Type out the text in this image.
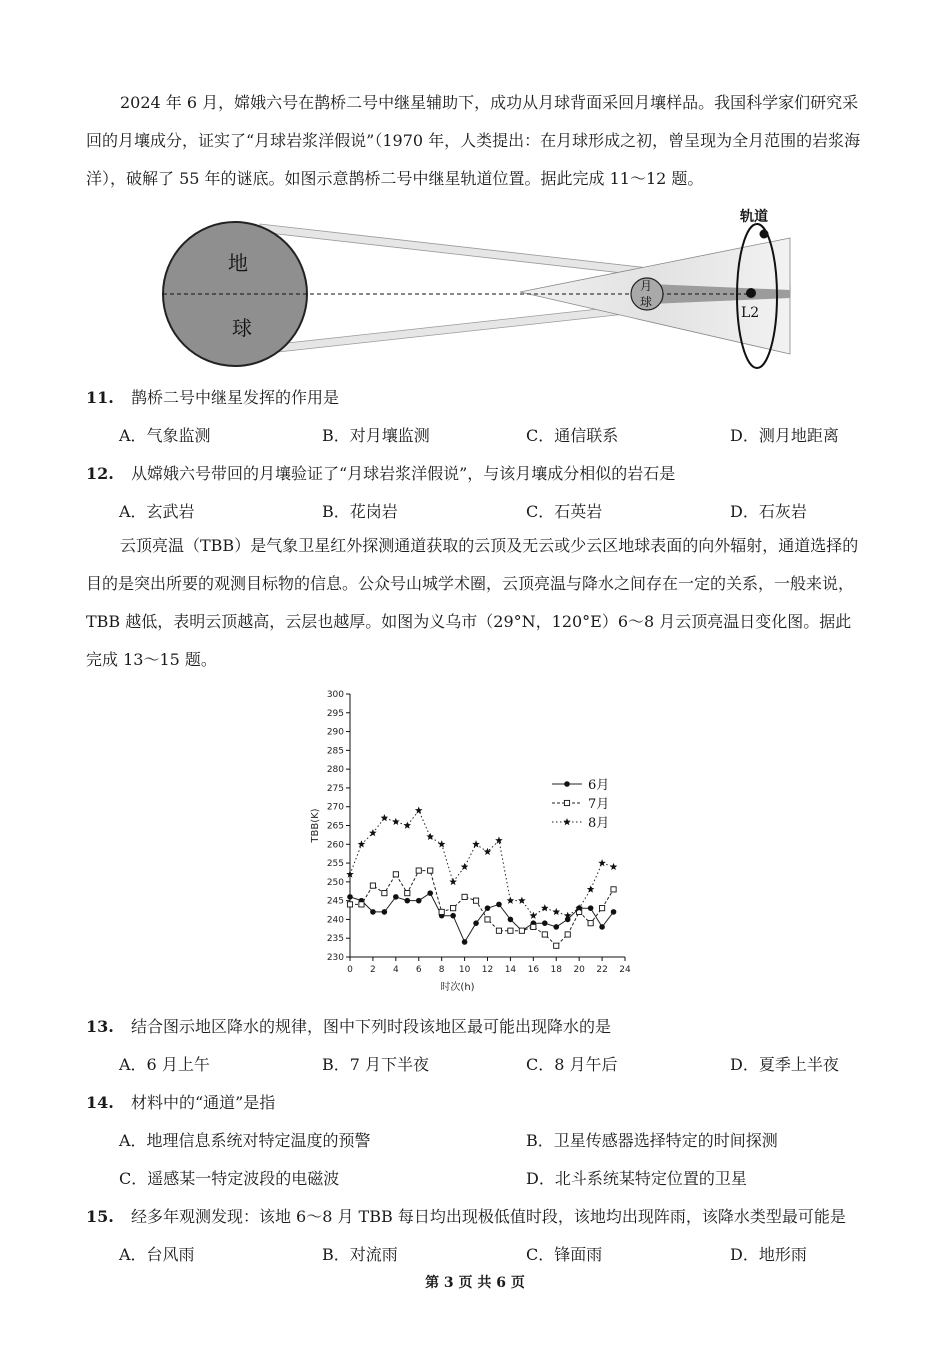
2024 年 6 月，嫦娥六号在鹊桥二号中继星辅助下，成功从月球背面采回月壤样品。我国科学家们研究采回的月壤成分，证实了“月球岩浆洋假说”（1970 年，人类提出：在月球形成之初，曾呈现为全月范围的岩浆海洋），破解了 55 年的谜底。如图示意鹊桥二号中继星轨道位置。据此完成 11～12 题。
地
球
月
球
轨道
L2
11. 鹊桥二号中继星发挥的作用是
A．气象监测	B．对月壤监测	C．通信联系	D．测月地距离
12. 从嫦娥六号带回的月壤验证了“月球岩浆洋假说”，与该月壤成分相似的岩石是
A．玄武岩	B．花岗岩	C．石英岩	D．石灰岩
云顶亮温（TBB）是气象卫星红外探测通道获取的云顶及无云或少云区地球表面的向外辐射，通道选择的目的是突出所要的观测目标物的信息。公众号山城学术圈，云顶亮温与降水之间存在一定的关系，一般来说，TBB 越低，表明云顶越高，云层也越厚。如图为义乌市（29°N，120°E）6～8 月云顶亮温日变化图。据此完成 13～15 题。
230
235
240
245
250
255
260
265
270
275
280
285
290
295
300
0 2 4 6 8 10 12 14 16 18 20 22 24
时次(h)
TBB(K)
6月
7月
8月
13. 结合图示地区降水的规律，图中下列时段该地区最可能出现降水的是
A．6 月上午	B．7 月下半夜	C．8 月午后	D．夏季上半夜
14. 材料中的“通道”是指
A．地理信息系统对特定温度的预警	B．卫星传感器选择特定的时间探测
C．遥感某一特定波段的电磁波	D．北斗系统某特定位置的卫星
15. 经多年观测发现：该地 6～8 月 TBB 每日均出现极低值时段，该地均出现阵雨，该降水类型最可能是
A．台风雨	B．对流雨	C．锋面雨	D．地形雨
第 3 页 共 6 页
